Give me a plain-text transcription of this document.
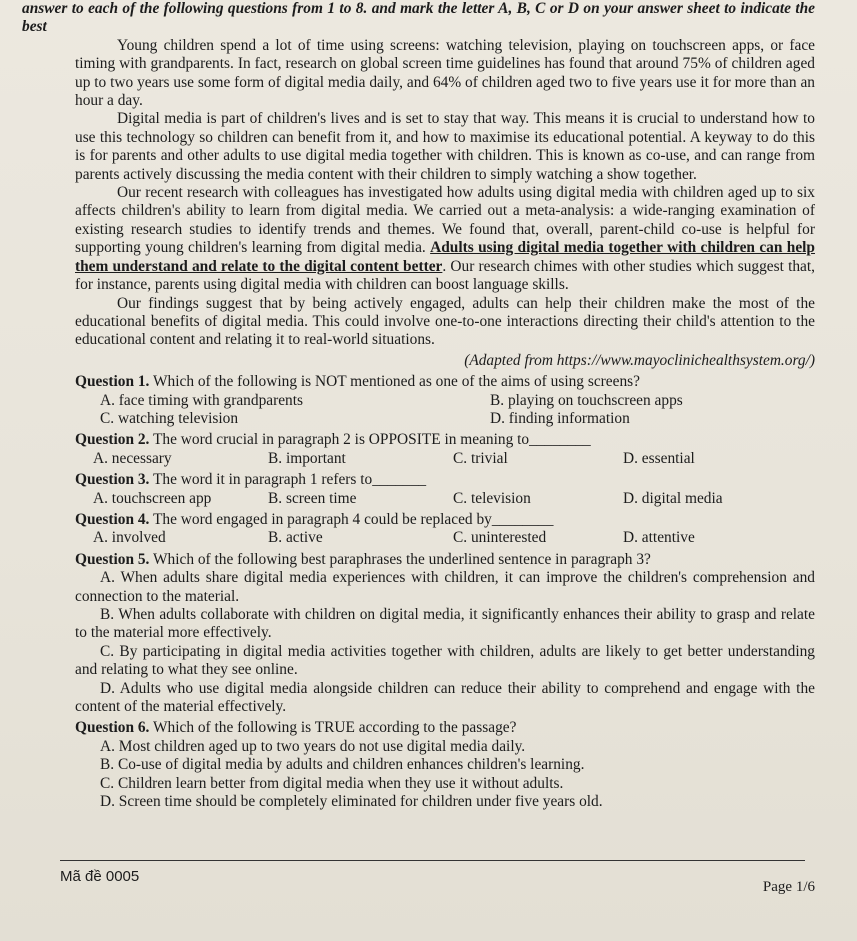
answer to each of the following questions from 1 to 8. and mark the letter A, B, C or D on your answer sheet to indicate the best

Young children spend a lot of time using screens: watching television, playing on touchscreen apps, or face timing with grandparents. In fact, research on global screen time guidelines has found that around 75% of children aged up to two years use some form of digital media daily, and 64% of children aged two to five years use it for more than an hour a day.

Digital media is part of children's lives and is set to stay that way. This means it is crucial to understand how to use this technology so children can benefit from it, and how to maximise its educational potential. A keyway to do this is for parents and other adults to use digital media together with children. This is known as co-use, and can range from parents actively discussing the media content with their children to simply watching a show together.

Our recent research with colleagues has investigated how adults using digital media with children aged up to six affects children's ability to learn from digital media. We carried out a meta-analysis: a wide-ranging examination of existing research studies to identify trends and themes. We found that, overall, parent-child co-use is helpful for supporting young children's learning from digital media. Adults using digital media together with children can help them understand and relate to the digital content better. Our research chimes with other studies which suggest that, for instance, parents using digital media with children can boost language skills.

Our findings suggest that by being actively engaged, adults can help their children make the most of the educational benefits of digital media. This could involve one-to-one interactions directing their child's attention to the educational content and relating it to real-world situations.

(Adapted from https://www.mayoclinichealthsystem.org/)

Question 1. Which of the following is NOT mentioned as one of the aims of using screens?
A. face timing with grandparents	B. playing on touchscreen apps
C. watching television	D. finding information
Question 2. The word crucial in paragraph 2 is OPPOSITE in meaning to________
A. necessary	B. important	C. trivial	D. essential
Question 3. The word it in paragraph 1 refers to_______
A. touchscreen app	B. screen time	C. television	D. digital media
Question 4. The word engaged in paragraph 4 could be replaced by________
A. involved	B. active	C. uninterested	D. attentive
Question 5. Which of the following best paraphrases the underlined sentence in paragraph 3?

A. When adults share digital media experiences with children, it can improve the children's comprehension and connection to the material.

B. When adults collaborate with children on digital media, it significantly enhances their ability to grasp and relate to the material more effectively.

C. By participating in digital media activities together with children, adults are likely to get better understanding and relating to what they see online.

D. Adults who use digital media alongside children can reduce their ability to comprehend and engage with the content of the material effectively.

Question 6. Which of the following is TRUE according to the passage?

A. Most children aged up to two years do not use digital media daily.

B. Co-use of digital media by adults and children enhances children's learning.

C. Children learn better from digital media when they use it without adults.

D. Screen time should be completely eliminated for children under five years old.

Mã đề 0005
Page 1/6
